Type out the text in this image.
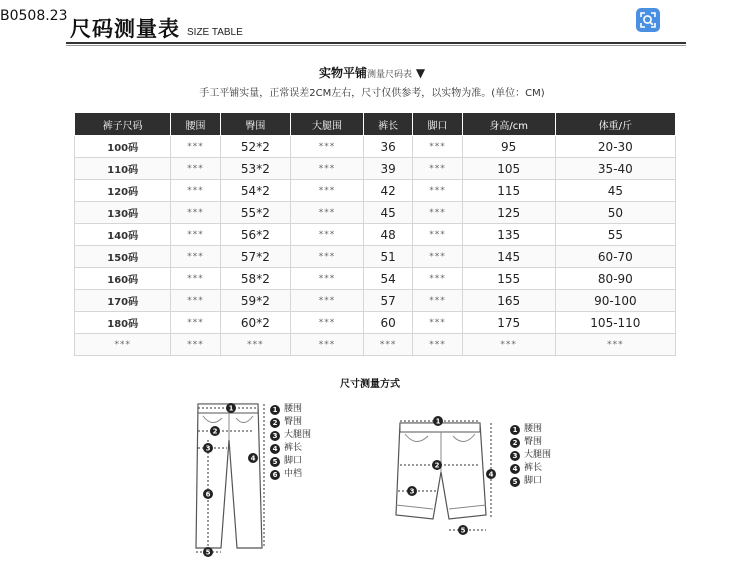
B0508.23
尺码测量表 SIZE TABLE
实物平铺测量尺码表 ▼
手工平铺实量，正常误差2CM左右，尺寸仅供参考，以实物为准。(单位：CM)
裤子尺码	腰围	臀围	大腿围	裤长	脚口	身高/cm	体重/斤
100码	***	52*2	***	36	***	95	20-30
110码	***	53*2	***	39	***	105	35-40
120码	***	54*2	***	42	***	115	45
130码	***	55*2	***	45	***	125	50
140码	***	56*2	***	48	***	135	55
150码	***	57*2	***	51	***	145	60-70
160码	***	58*2	***	54	***	155	80-90
170码	***	59*2	***	57	***	165	90-100
180码	***	60*2	***	60	***	175	105-110
***	***	***	***	***	***	***	***
尺寸测量方式
1
2
3
4
5
6
1
2
3
4
5
1 腰围
2 臀围
3 大腿围
4 裤长
5 脚口
6 中档
1 腰围
2 臀围
3 大腿围
4 裤长
5 脚口
